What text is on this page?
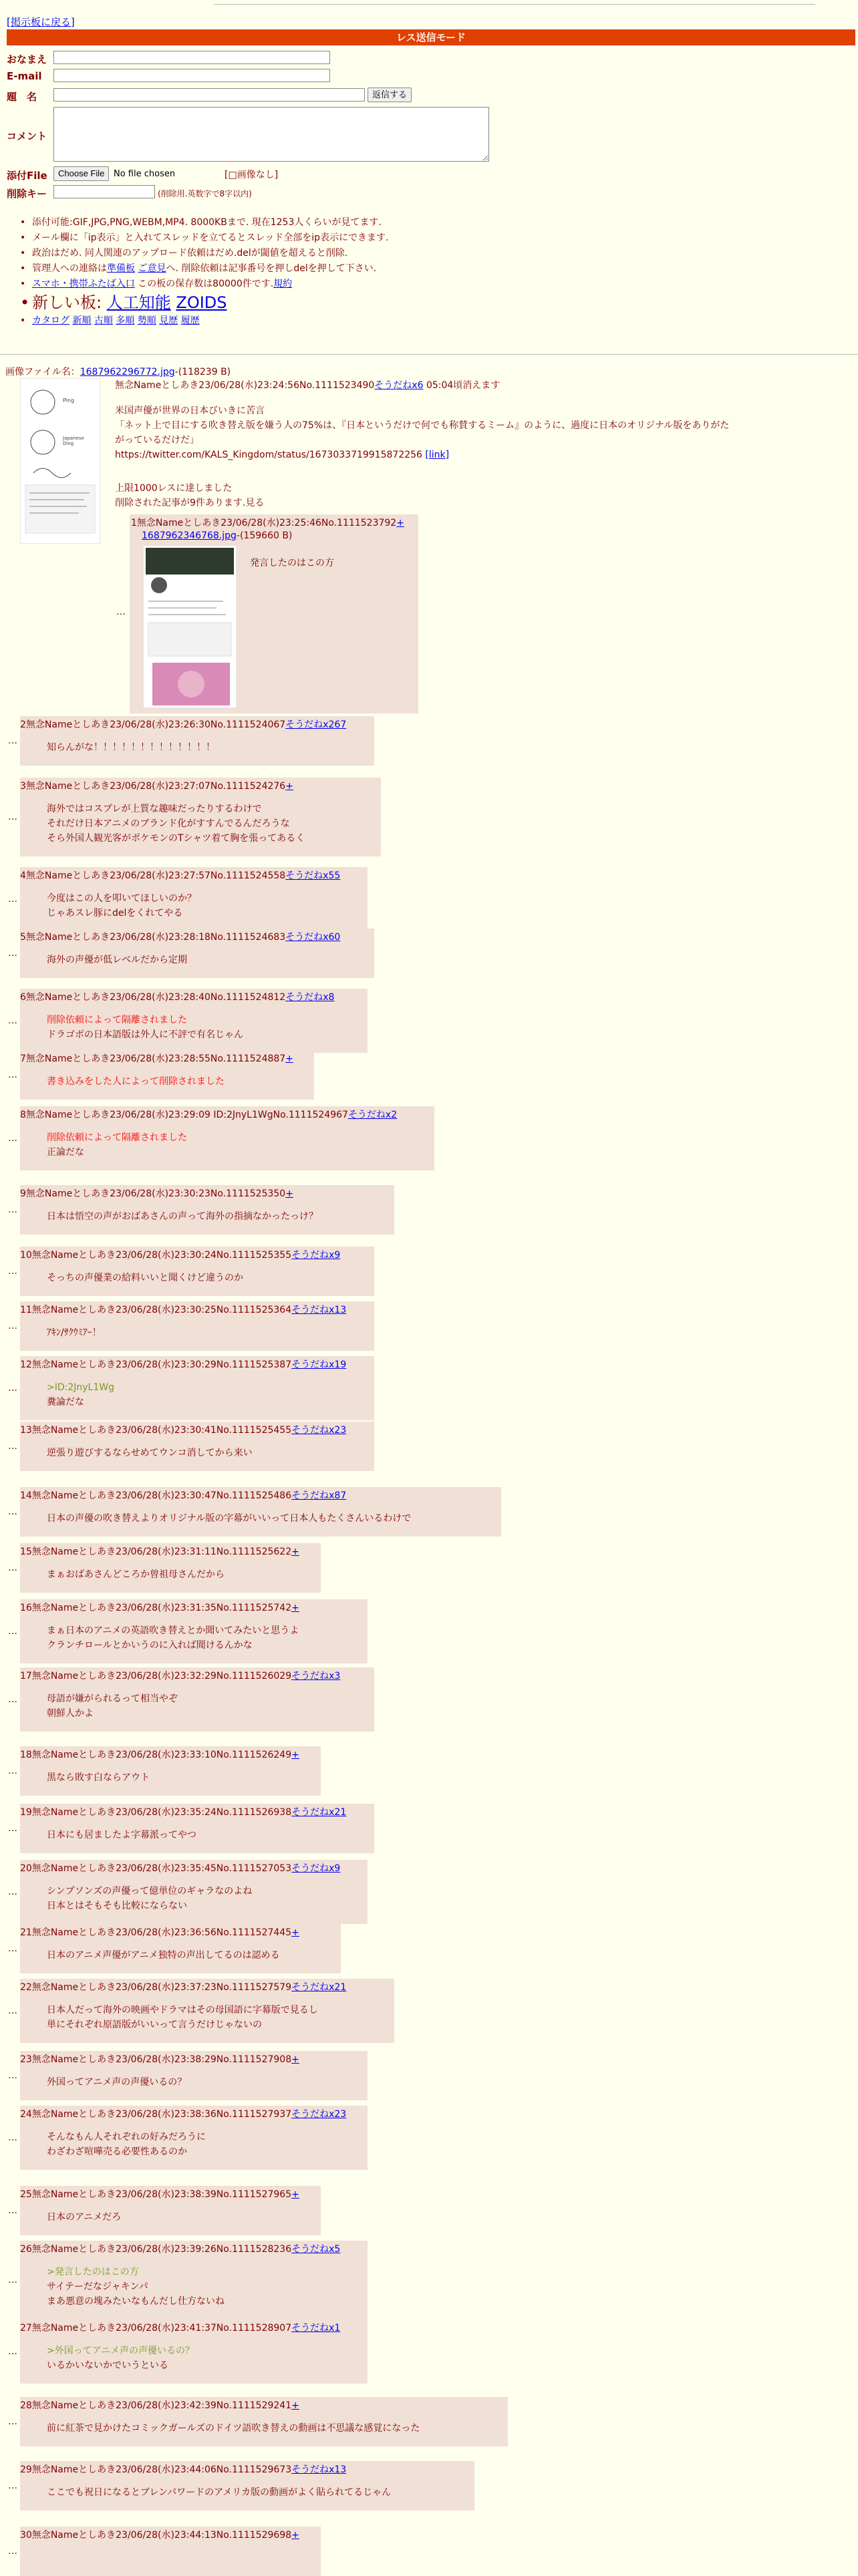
[掲示板に戻る]
レス送信モード
おなまえ
E-mail
題　名	返信する
コメント
添付File	Choose File	No file chosen	[□画像なし]
削除キー	(削除用.英数字で8字以内)
• 添付可能:GIF,JPG,PNG,WEBM,MP4. 8000KBまで. 現在1253人くらいが見てます.
• メール欄に「ip表示」と入れてスレッドを立てるとスレッド全部をip表示にできます.
• 政治はだめ. 同人関連のアップロード依頼はだめ.delが閾値を超えると削除.
• 管理人への連絡は準備板 ご意見へ. 削除依頼は記事番号を押しdelを押して下さい.
• スマホ・携帯ふたば入口 この板の保存数は80000件です.規約
• 新しい板: 人工知能 ZOIDS
• カタログ 新順 古順 多順 勢順 見歴 履歴
画像ファイル名：1687962296772.jpg-(118239 B)
Ping
Japanese
Ding
無念Nameとしあき23/06/28(水)23:24:56No.1111523490そうだねx6 05:04頃消えます
米国声優が世界の日本びいきに苦言
「ネット上で目にする吹き替え版を嫌う人の75%は、『日本というだけで何でも称賛するミーム』のように、過度に日本のオリジナル版をありがた
がっているだけだ」
https://twitter.com/KALS_Kingdom/status/1673033719915872256 [link]
上限1000レスに達しました
削除された記事が9件あります.見る
…
1無念Nameとしあき23/06/28(水)23:25:46No.1111523792+
1687962346768.jpg-(159660 B)
発言したのはこの方
2無念Nameとしあき23/06/28(水)23:26:30No.1111524067そうだねx267
知らんがな！！！！！！！！！！！！！
…
3無念Nameとしあき23/06/28(水)23:27:07No.1111524276+
海外ではコスプレが上質な趣味だったりするわけで
それだけ日本アニメのブランド化がすすんでるんだろうな
そら外国人観光客がポケモンのTシャツ着て胸を張ってあるく
…
4無念Nameとしあき23/06/28(水)23:27:57No.1111524558そうだねx55
今度はこの人を叩いてほしいのか？
じゃあスレ豚にdelをくれてやる
…
5無念Nameとしあき23/06/28(水)23:28:18No.1111524683そうだねx60
海外の声優が低レベルだから定期
…
6無念Nameとしあき23/06/28(水)23:28:40No.1111524812そうだねx8
削除依頼によって隔離されました
ドラゴボの日本語版は外人に不評で有名じゃん
…
7無念Nameとしあき23/06/28(水)23:28:55No.1111524887+
書き込みをした人によって削除されました
…
8無念Nameとしあき23/06/28(水)23:29:09 ID:2JnyL1WgNo.1111524967そうだねx2
削除依頼によって隔離されました
正論だな
…
9無念Nameとしあき23/06/28(水)23:30:23No.1111525350+
日本は悟空の声がおばあさんの声って海外の指摘なかったっけ？
…
10無念Nameとしあき23/06/28(水)23:30:24No.1111525355そうだねx9
そっちの声優業の給料いいと聞くけど違うのか
…
11無念Nameとしあき23/06/28(水)23:30:25No.1111525364そうだねx13
ｱｷﾝ/ｻｸｳﾐｱｰ！
…
12無念Nameとしあき23/06/28(水)23:30:29No.1111525387そうだねx19
>ID:2JnyL1Wg
糞論だな
…
13無念Nameとしあき23/06/28(水)23:30:41No.1111525455そうだねx23
逆張り遊びするならせめてウンコ消してから来い
…
14無念Nameとしあき23/06/28(水)23:30:47No.1111525486そうだねx87
日本の声優の吹き替えよりオリジナル版の字幕がいいって日本人もたくさんいるわけで
…
15無念Nameとしあき23/06/28(水)23:31:11No.1111525622+
まぁおばあさんどころか曾祖母さんだから
…
16無念Nameとしあき23/06/28(水)23:31:35No.1111525742+
まぁ日本のアニメの英語吹き替えとか聞いてみたいと思うよ
クランチロールとかいうのに入れば聞けるんかな
…
17無念Nameとしあき23/06/28(水)23:32:29No.1111526029そうだねx3
母語が嫌がられるって相当やぞ
朝鮮人かよ
…
18無念Nameとしあき23/06/28(水)23:33:10No.1111526249+
黒なら敗す白ならアウト
…
19無念Nameとしあき23/06/28(水)23:35:24No.1111526938そうだねx21
日本にも居ましたよ字幕派ってやつ
…
20無念Nameとしあき23/06/28(水)23:35:45No.1111527053そうだねx9
シンプソンズの声優って億単位のギャラなのよね
日本とはそもそも比較にならない
…
21無念Nameとしあき23/06/28(水)23:36:56No.1111527445+
日本のアニメ声優がアニメ独特の声出してるのは認める
…
22無念Nameとしあき23/06/28(水)23:37:23No.1111527579そうだねx21
日本人だって海外の映画やドラマはその母国語に字幕版で見るし
単にそれぞれ原語版がいいって言うだけじゃないの
…
23無念Nameとしあき23/06/28(水)23:38:29No.1111527908+
外国ってアニメ声の声優いるの？
…
24無念Nameとしあき23/06/28(水)23:38:36No.1111527937そうだねx23
そんなもん人それぞれの好みだろうに
わざわざ喧嘩売る必要性あるのか
…
25無念Nameとしあき23/06/28(水)23:38:39No.1111527965+
日本のアニメだろ
…
26無念Nameとしあき23/06/28(水)23:39:26No.1111528236そうだねx5
>発言したのはこの方
サイテーだなジャキンパ
まあ悪意の塊みたいなもんだし仕方ないね
…
27無念Nameとしあき23/06/28(水)23:41:37No.1111528907そうだねx1
>外国ってアニメ声の声優いるの？
いるかいないかでいうといる
…
28無念Nameとしあき23/06/28(水)23:42:39No.1111529241+
前に紅茶で見かけたコミックガールズのドイツ語吹き替えの動画は不思議な感覚になった
…
29無念Nameとしあき23/06/28(水)23:44:06No.1111529673そうだねx13
ここでも祝日になるとブレンパワードのアメリカ版の動画がよく貼られてるじゃん
…
30無念Nameとしあき23/06/28(水)23:44:13No.1111529698+
…
